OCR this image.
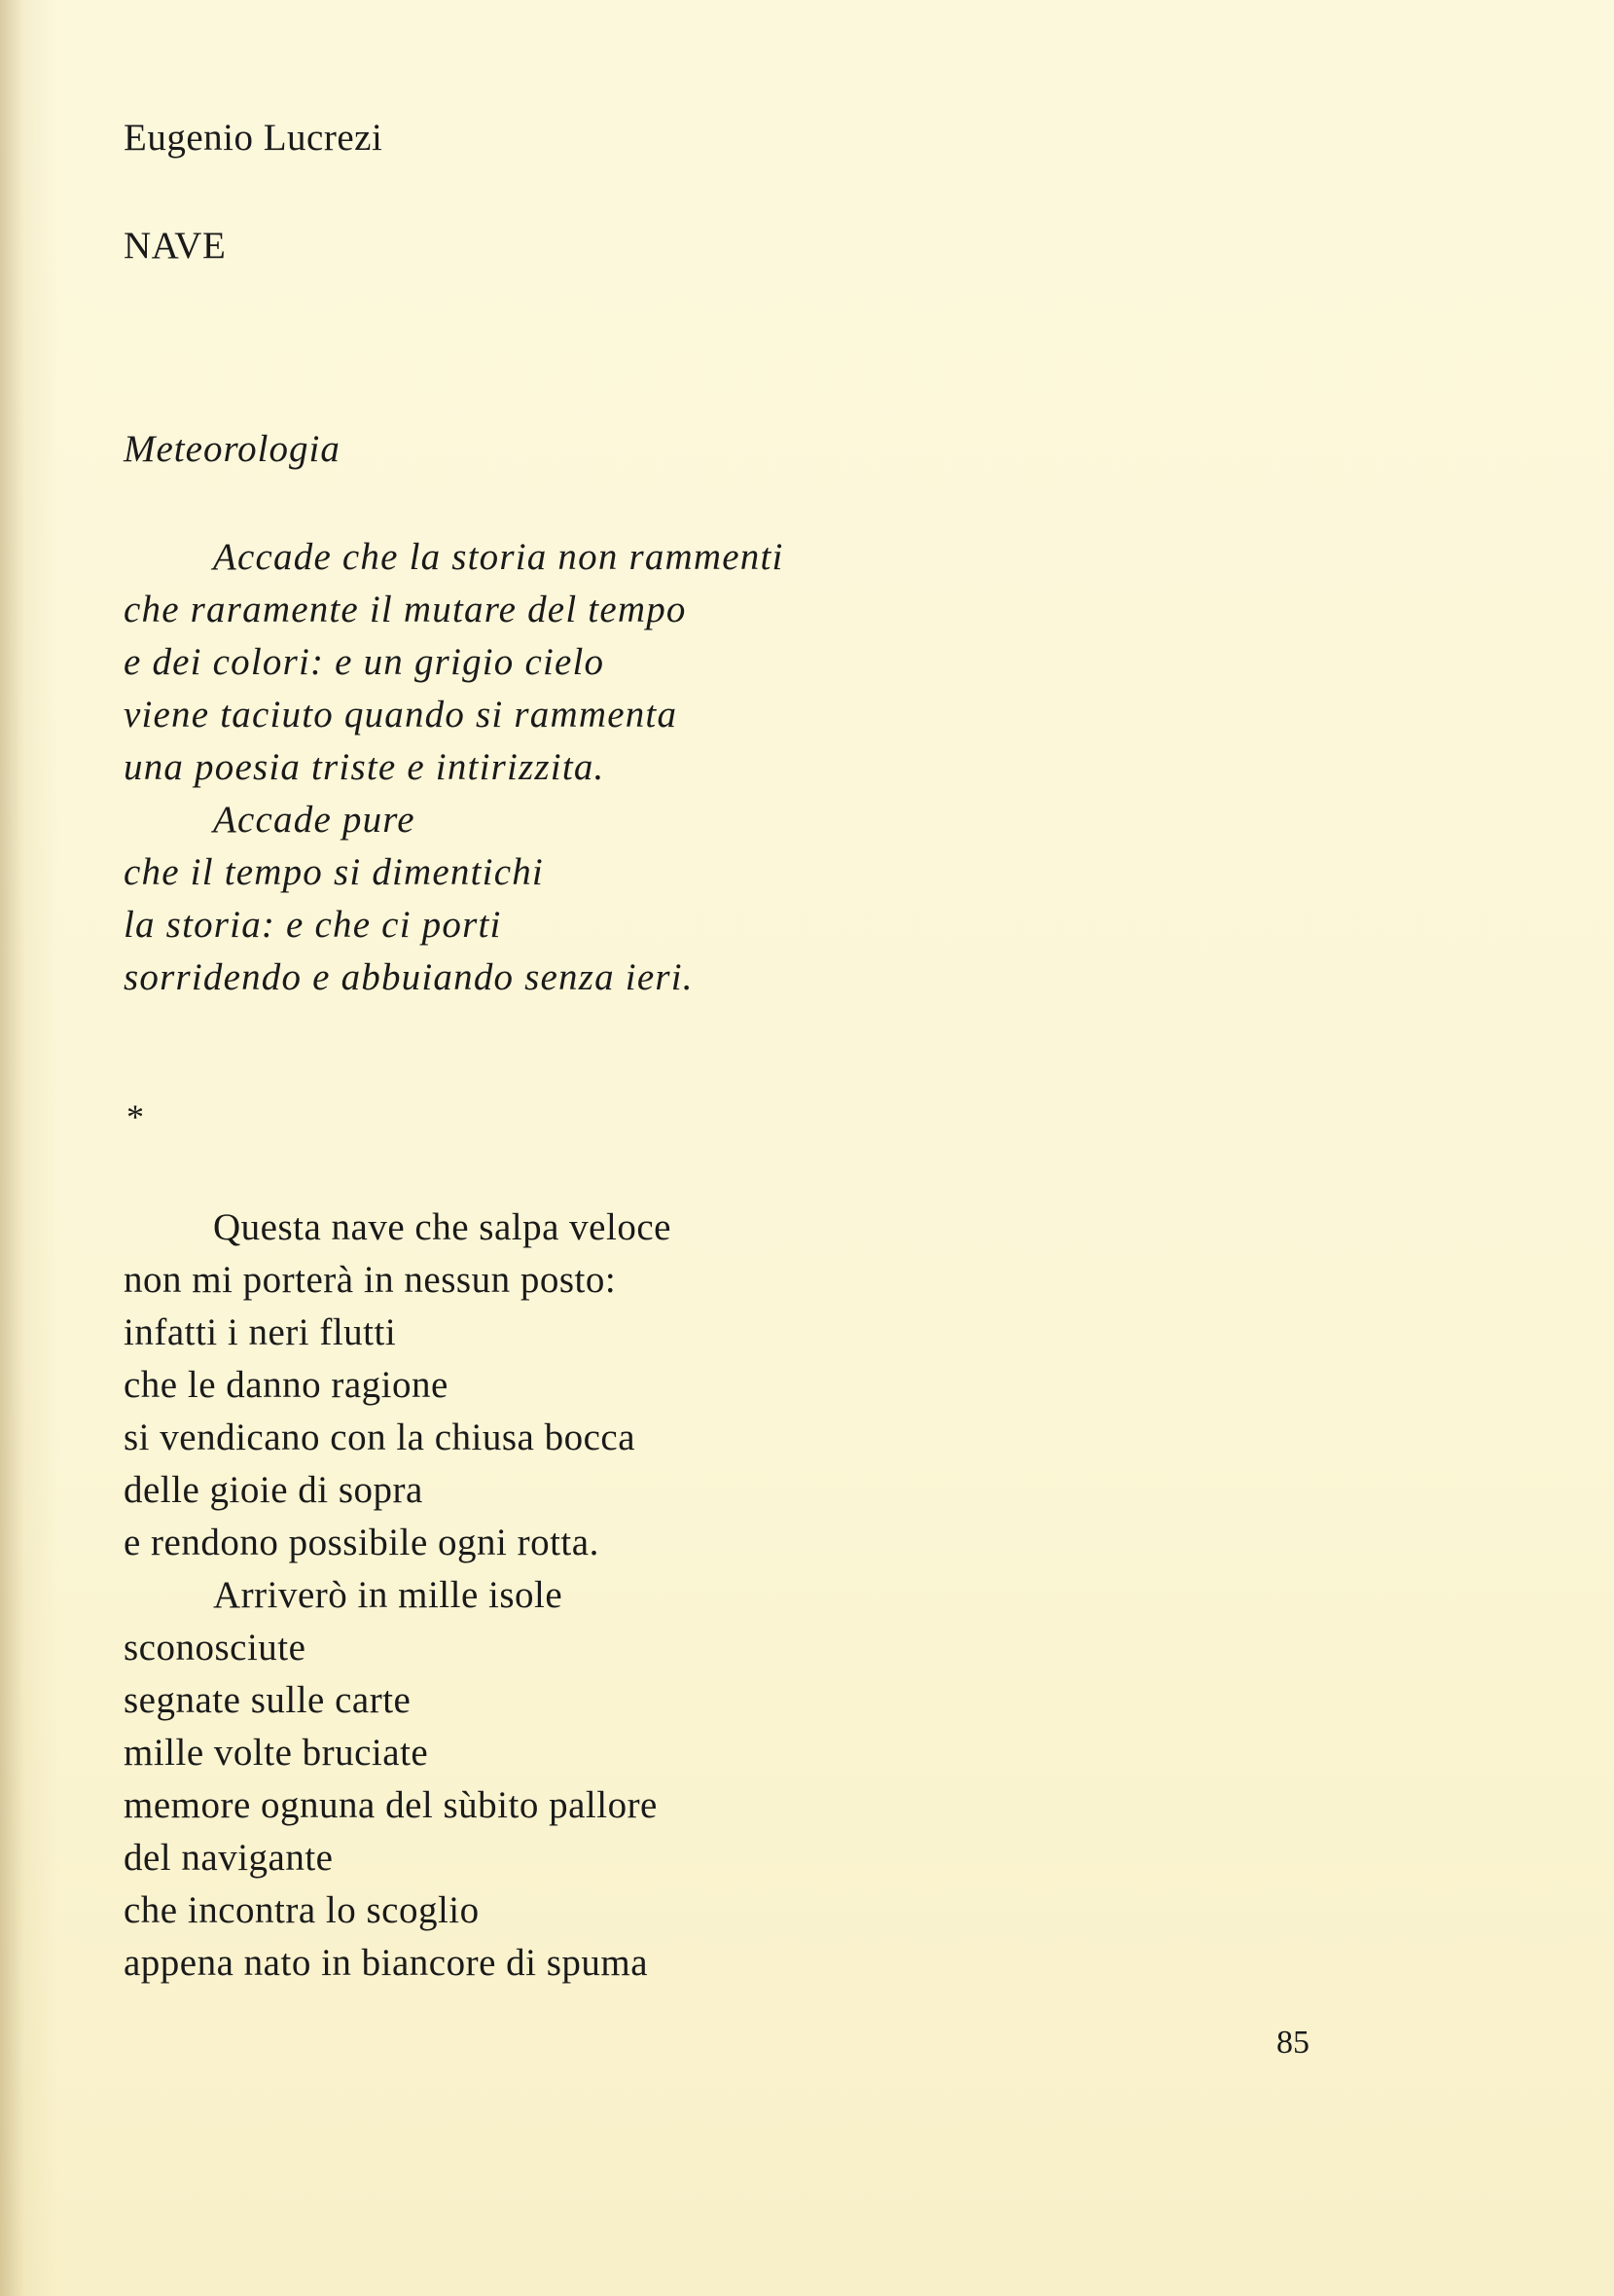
Eugenio Lucrezi
NAVE
Meteorologia
Accade che la storia non rammenti
che raramente il mutare del tempo
e dei colori: e un grigio cielo
viene taciuto quando si rammenta
una poesia triste e intirizzita.
Accade pure
che il tempo si dimentichi
la storia: e che ci porti
sorridendo e abbuiando senza ieri.
*
Questa nave che salpa veloce
non mi porterà in nessun posto:
infatti i neri flutti
che le danno ragione
si vendicano con la chiusa bocca
delle gioie di sopra
e rendono possibile ogni rotta.
Arriverò in mille isole
sconosciute
segnate sulle carte
mille volte bruciate
memore ognuna del sùbito pallore
del navigante
che incontra lo scoglio
appena nato in biancore di spuma
85
